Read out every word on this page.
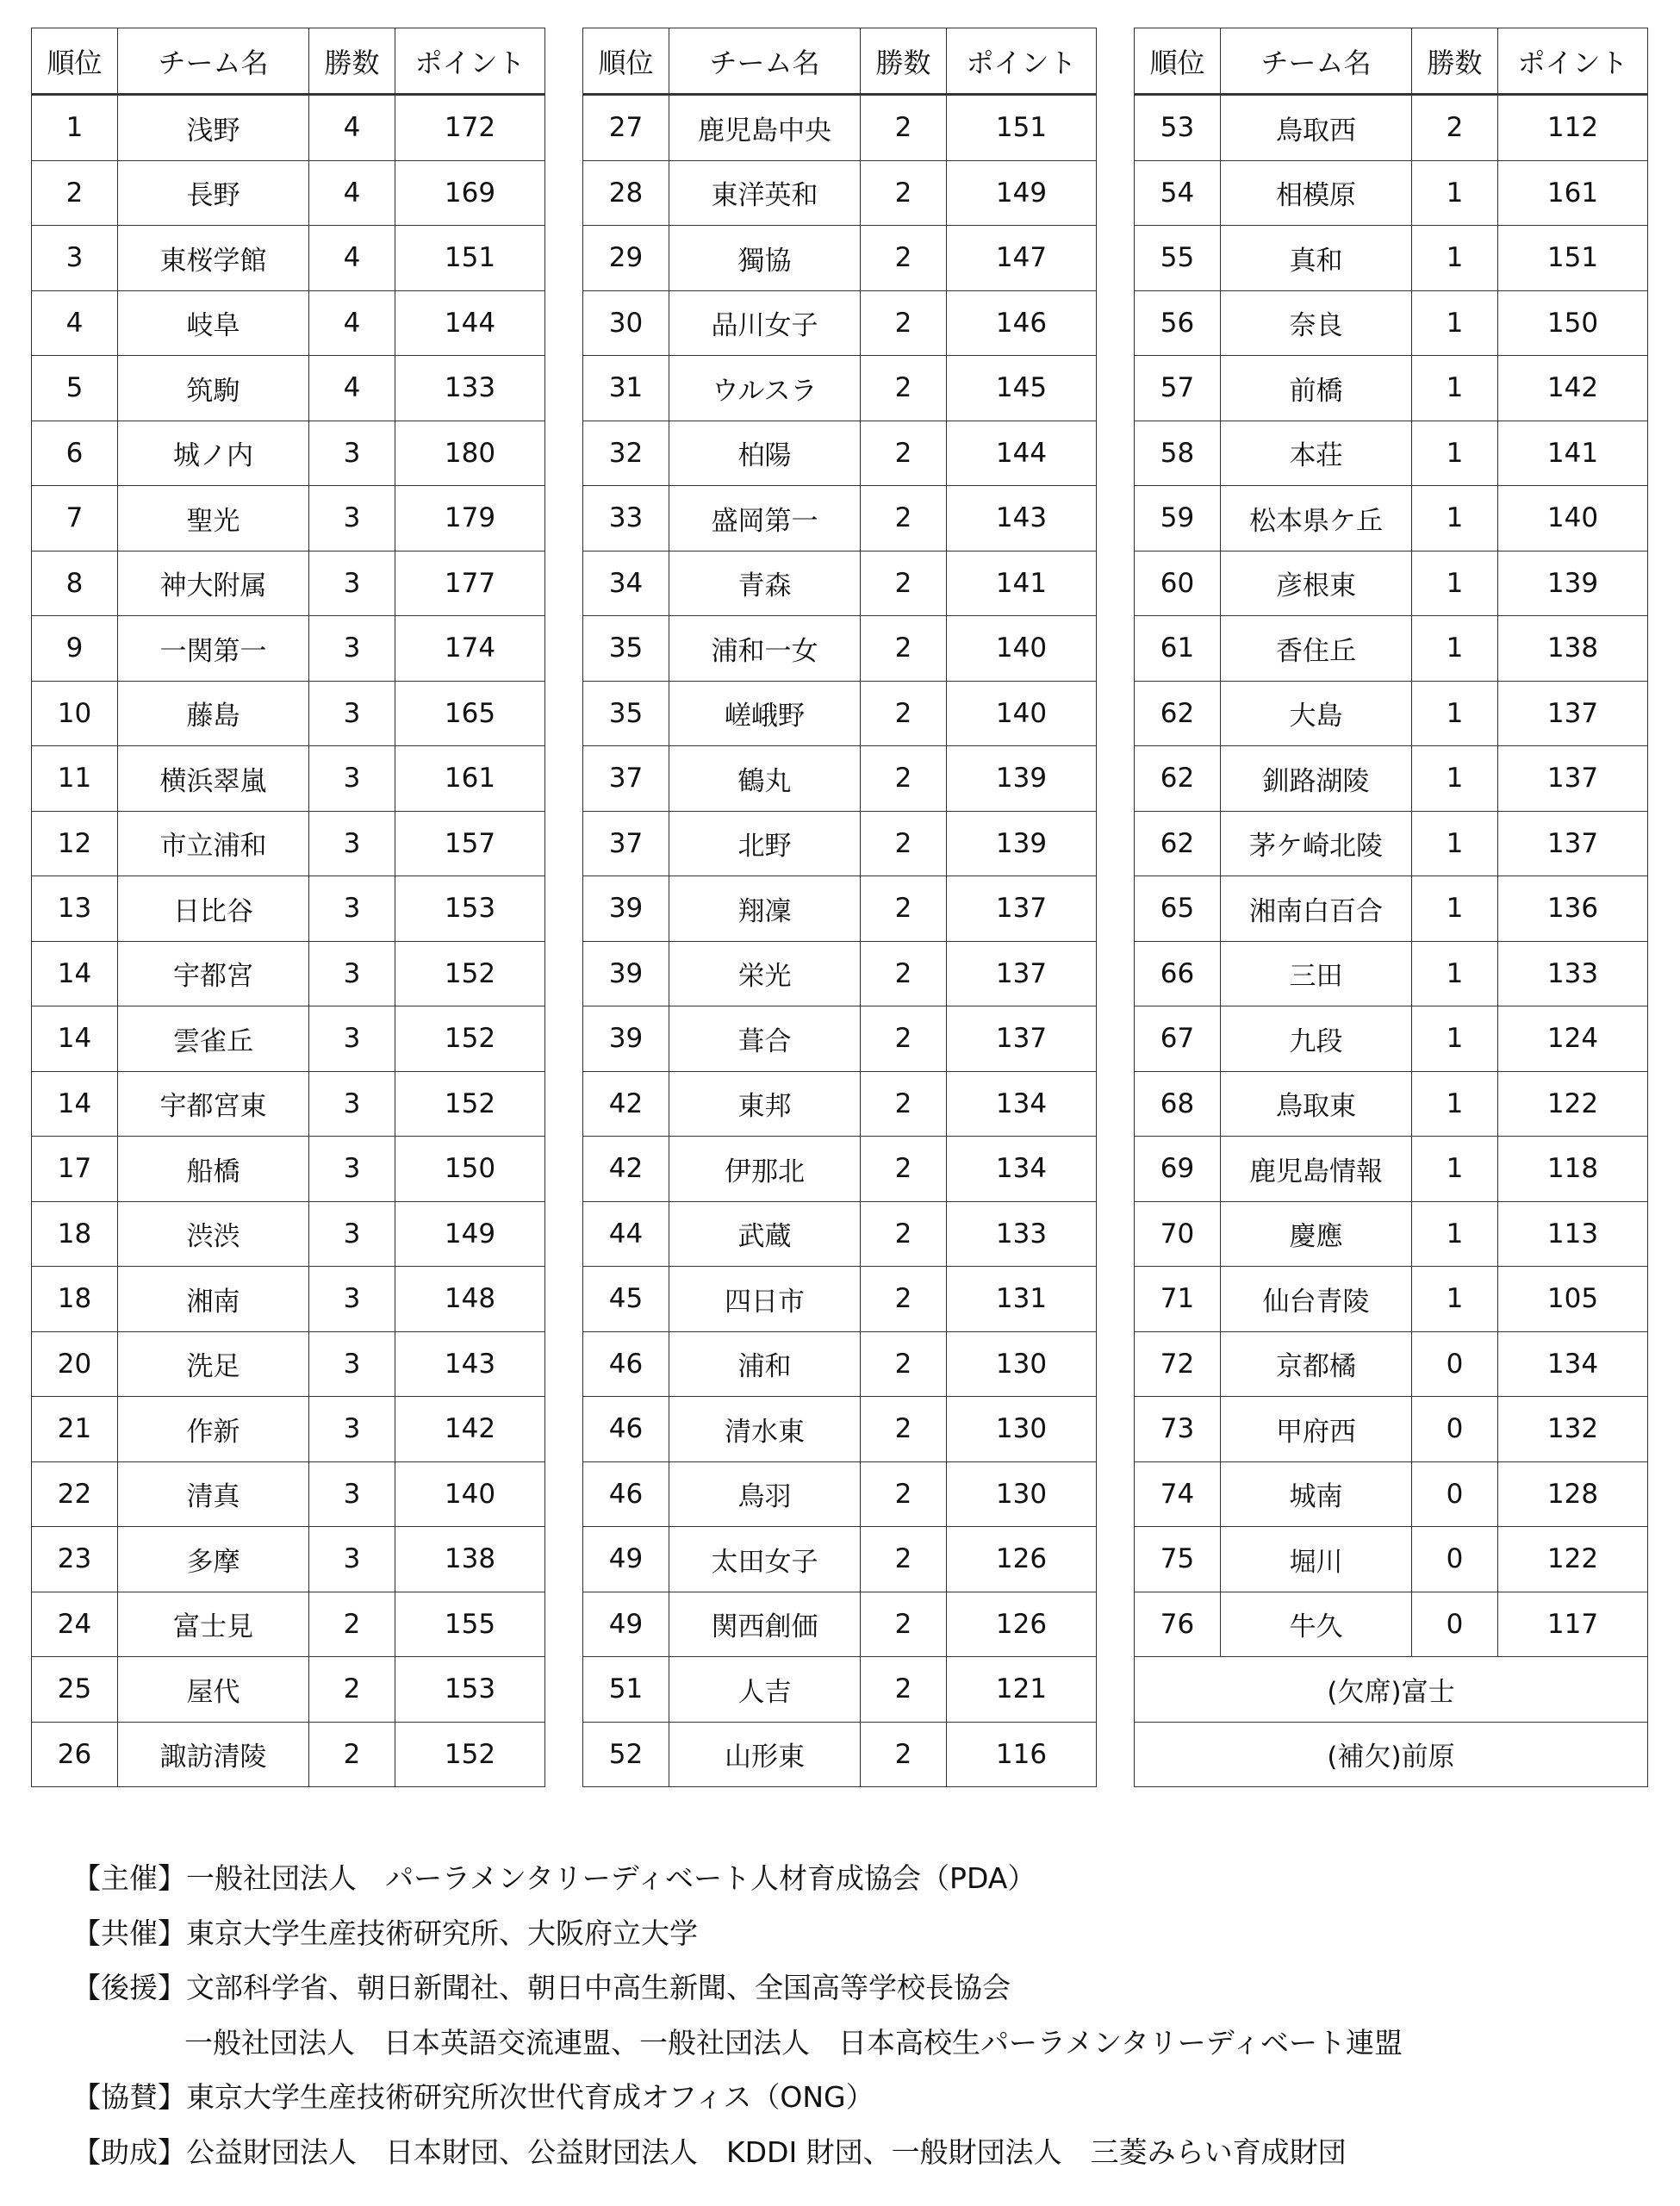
順位	チーム名	勝数	ポイント
1	浅野	4	172
2	長野	4	169
3	東桜学館	4	151
4	岐阜	4	144
5	筑駒	4	133
6	城ノ内	3	180
7	聖光	3	179
8	神大附属	3	177
9	一関第一	3	174
10	藤島	3	165
11	横浜翠嵐	3	161
12	市立浦和	3	157
13	日比谷	3	153
14	宇都宮	3	152
14	雲雀丘	3	152
14	宇都宮東	3	152
17	船橋	3	150
18	渋渋	3	149
18	湘南	3	148
20	洗足	3	143
21	作新	3	142
22	清真	3	140
23	多摩	3	138
24	富士見	2	155
25	屋代	2	153
26	諏訪清陵	2	152
順位	チーム名	勝数	ポイント
27	鹿児島中央	2	151
28	東洋英和	2	149
29	獨協	2	147
30	品川女子	2	146
31	ウルスラ	2	145
32	柏陽	2	144
33	盛岡第一	2	143
34	青森	2	141
35	浦和一女	2	140
35	嵯峨野	2	140
37	鶴丸	2	139
37	北野	2	139
39	翔凜	2	137
39	栄光	2	137
39	葺合	2	137
42	東邦	2	134
42	伊那北	2	134
44	武蔵	2	133
45	四日市	2	131
46	浦和	2	130
46	清水東	2	130
46	鳥羽	2	130
49	太田女子	2	126
49	関西創価	2	126
51	人吉	2	121
52	山形東	2	116
順位	チーム名	勝数	ポイント
53	鳥取西	2	112
54	相模原	1	161
55	真和	1	151
56	奈良	1	150
57	前橋	1	142
58	本荘	1	141
59	松本県ケ丘	1	140
60	彦根東	1	139
61	香住丘	1	138
62	大島	1	137
62	釧路湖陵	1	137
62	茅ケ崎北陵	1	137
65	湘南白百合	1	136
66	三田	1	133
67	九段	1	124
68	鳥取東	1	122
69	鹿児島情報	1	118
70	慶應	1	113
71	仙台青陵	1	105
72	京都橘	0	134
73	甲府西	0	132
74	城南	0	128
75	堀川	0	122
76	牛久	0	117
(欠席)富士			
(補欠)前原			
【主催】一般社団法人　パーラメンタリーディベート人材育成協会（PDA）
【共催】東京大学生産技術研究所、大阪府立大学
【後援】文部科学省、朝日新聞社、朝日中高生新聞、全国高等学校長協会
一般社団法人　日本英語交流連盟、一般社団法人　日本高校生パーラメンタリーディベート連盟
【協賛】東京大学生産技術研究所次世代育成オフィス（ONG）
【助成】公益財団法人　日本財団、公益財団法人　KDDI 財団、一般財団法人　三菱みらい育成財団
